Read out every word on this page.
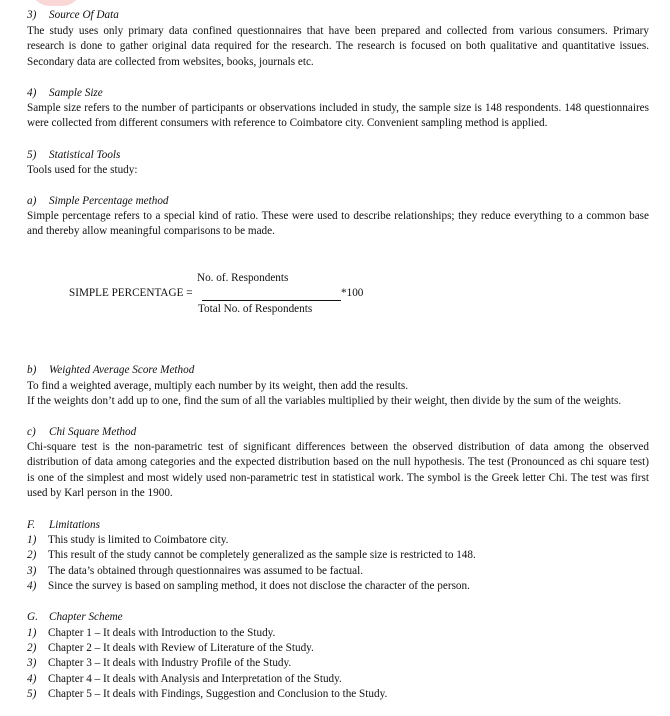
3) Source Of Data
The study uses only primary data confined questionnaires that have been prepared and collected from various consumers. Primary research is done to gather original data required for the research. The research is focused on both qualitative and quantitative issues. Secondary data are collected from websites, books, journals etc.
4) Sample Size
Sample size refers to the number of participants or observations included in study, the sample size is 148 respondents. 148 questionnaires were collected from different consumers with reference to Coimbatore city. Convenient sampling method is applied.
5) Statistical Tools
Tools used for the study:
a) Simple Percentage method
Simple percentage refers to a special kind of ratio. These were used to describe relationships; they reduce everything to a common base and thereby allow meaningful comparisons to be made.
No. of. Respondents
SIMPLE PERCENTAGE =	*100
Total No. of Respondents
b) Weighted Average Score Method
To find a weighted average, multiply each number by its weight, then add the results.
If the weights don’t add up to one, find the sum of all the variables multiplied by their weight, then divide by the sum of the weights.
c) Chi Square Method
Chi-square test is the non-parametric test of significant differences between the observed distribution of data among the observed distribution of data among categories and the expected distribution based on the null hypothesis. The test (Pronounced as chi square test) is one of the simplest and most widely used non-parametric test in statistical work. The symbol is the Greek letter Chi. The test was first used by Karl person in the 1900.
F. Limitations
1) This study is limited to Coimbatore city.
2) This result of the study cannot be completely generalized as the sample size is restricted to 148.
3) The data’s obtained through questionnaires was assumed to be factual.
4) Since the survey is based on sampling method, it does not disclose the character of the person.
G. Chapter Scheme
1) Chapter 1 – It deals with Introduction to the Study.
2) Chapter 2 – It deals with Review of Literature of the Study.
3) Chapter 3 – It deals with Industry Profile of the Study.
4) Chapter 4 – It deals with Analysis and Interpretation of the Study.
5) Chapter 5 – It deals with Findings, Suggestion and Conclusion to the Study.
